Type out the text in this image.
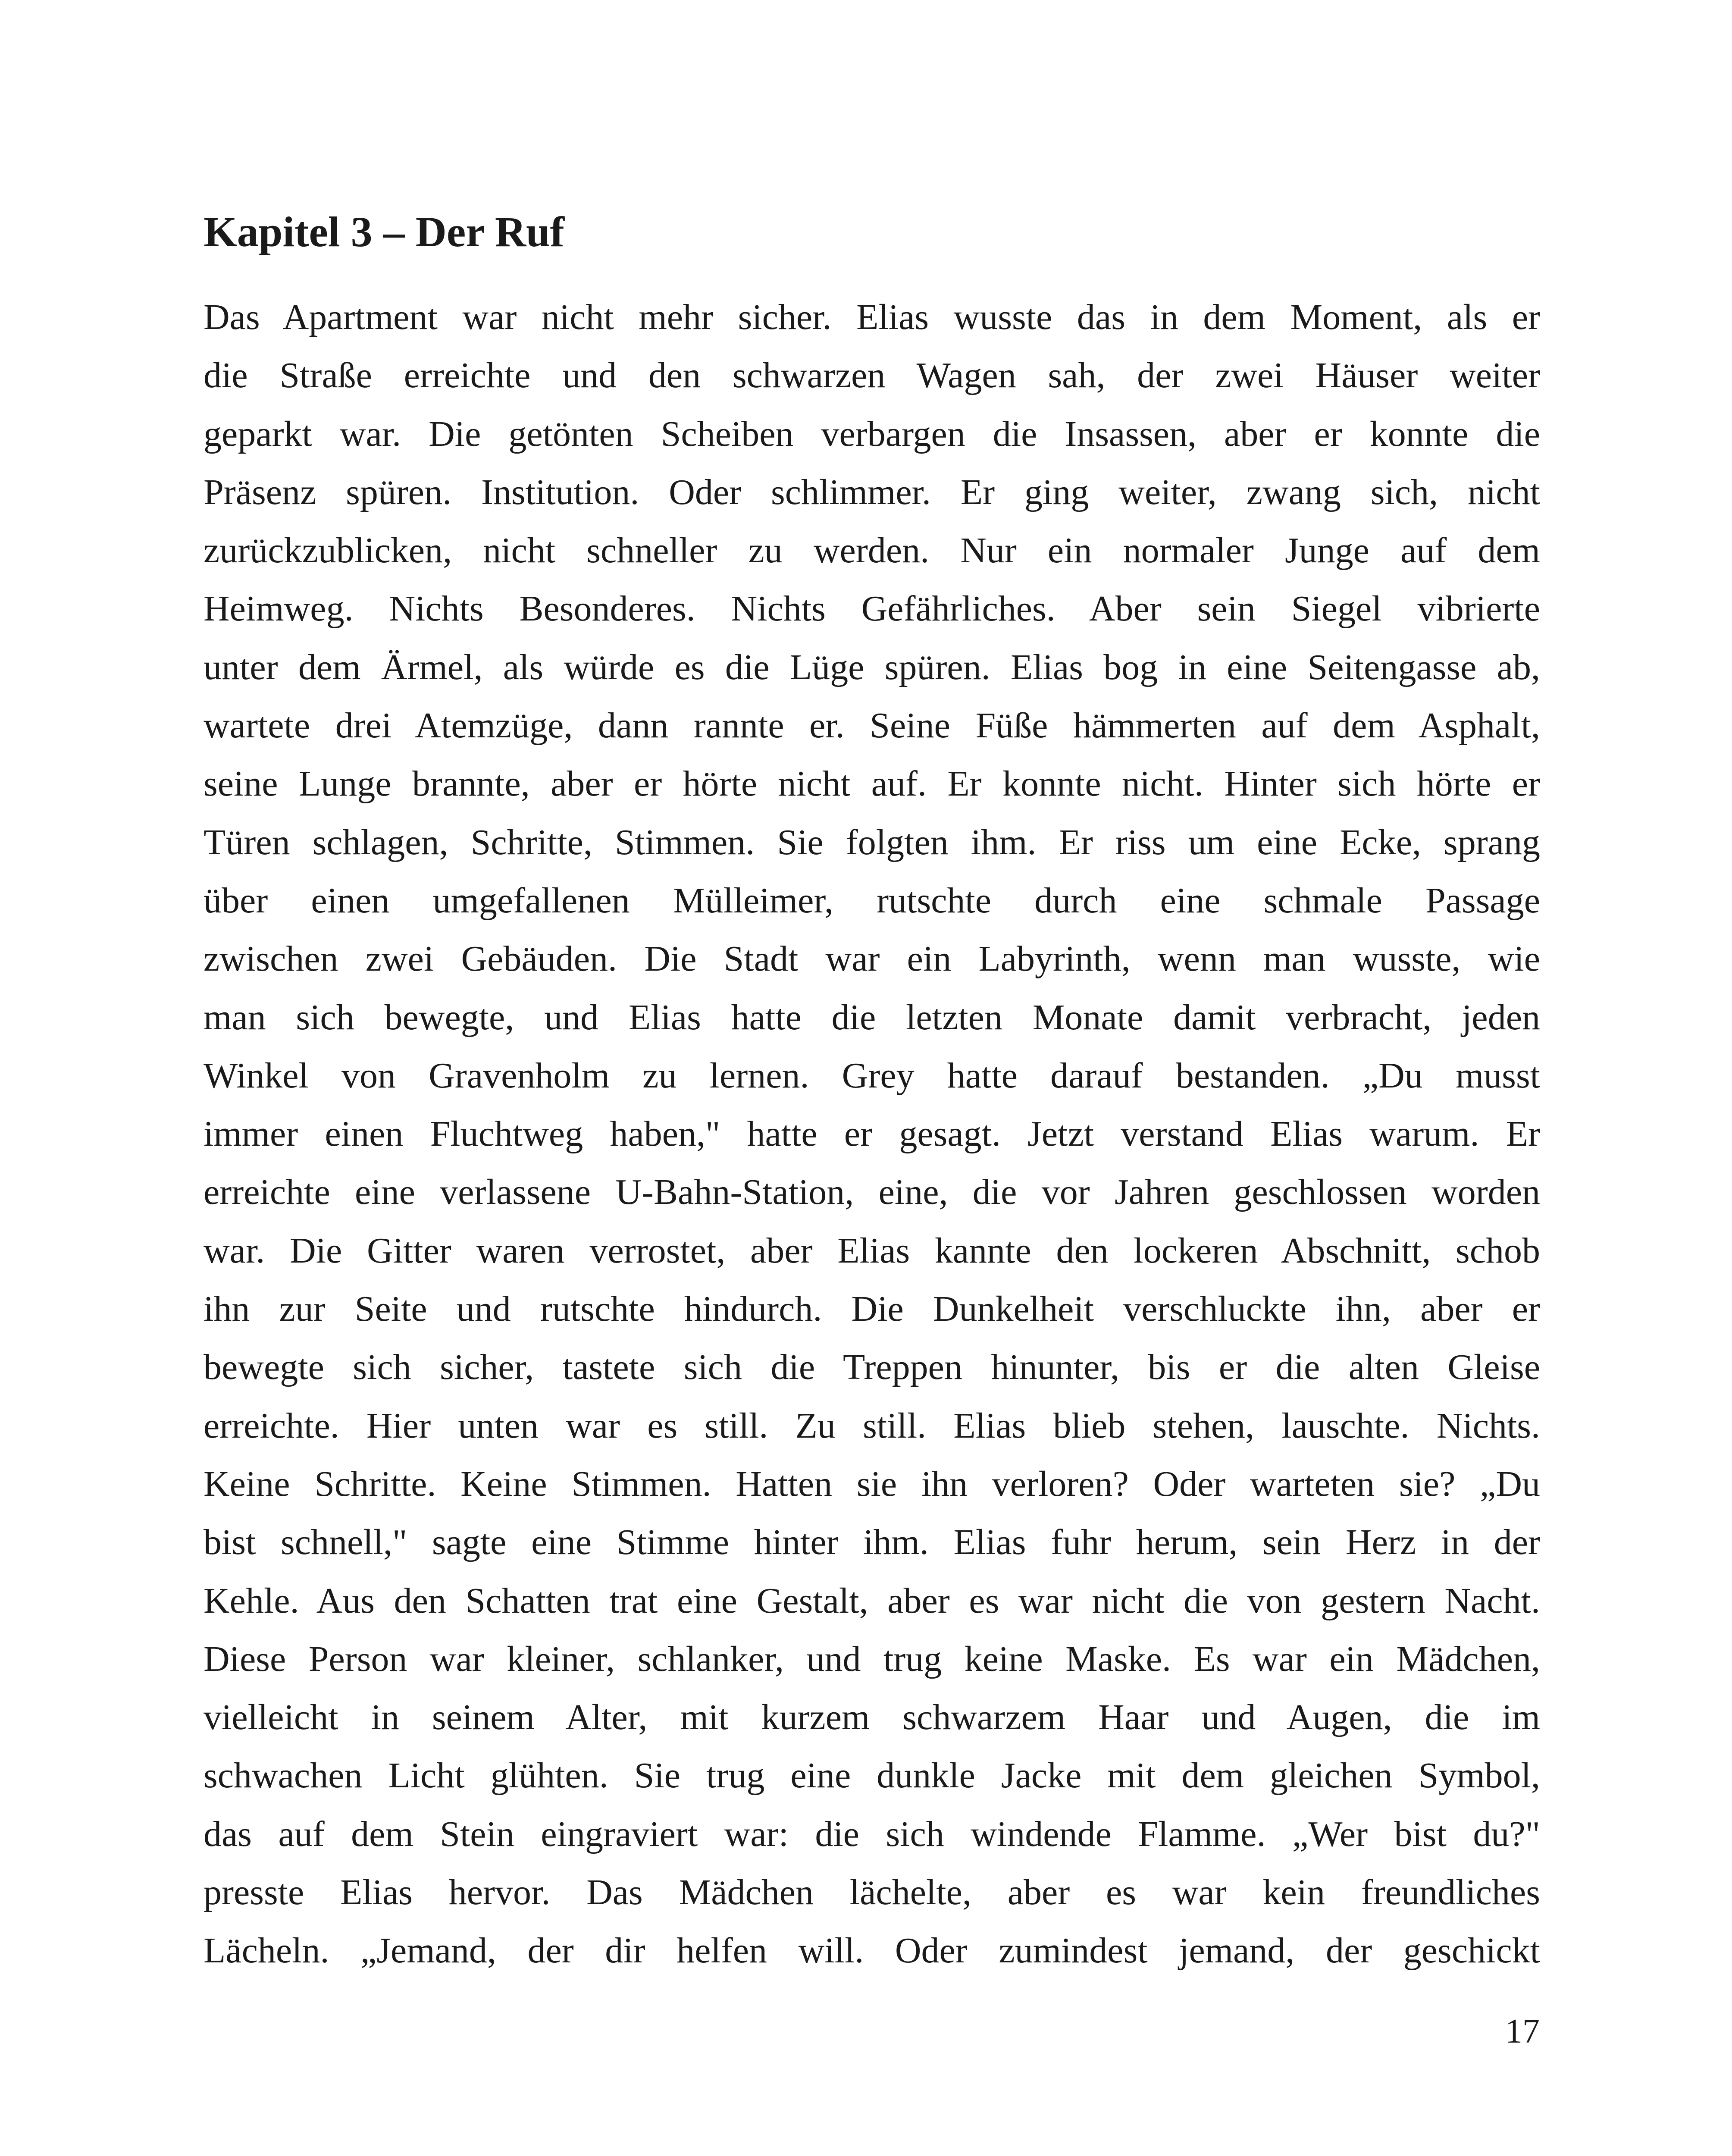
Kapitel 3 – Der Ruf
Das Apartment war nicht mehr sicher. Elias wusste das in dem Moment, als er
die Straße erreichte und den schwarzen Wagen sah, der zwei Häuser weiter
geparkt war. Die getönten Scheiben verbargen die Insassen, aber er konnte die
Präsenz spüren. Institution. Oder schlimmer. Er ging weiter, zwang sich, nicht
zurückzublicken, nicht schneller zu werden. Nur ein normaler Junge auf dem
Heimweg. Nichts Besonderes. Nichts Gefährliches. Aber sein Siegel vibrierte
unter dem Ärmel, als würde es die Lüge spüren. Elias bog in eine Seitengasse ab,
wartete drei Atemzüge, dann rannte er. Seine Füße hämmerten auf dem Asphalt,
seine Lunge brannte, aber er hörte nicht auf. Er konnte nicht. Hinter sich hörte er
Türen schlagen, Schritte, Stimmen. Sie folgten ihm. Er riss um eine Ecke, sprang
über einen umgefallenen Mülleimer, rutschte durch eine schmale Passage
zwischen zwei Gebäuden. Die Stadt war ein Labyrinth, wenn man wusste, wie
man sich bewegte, und Elias hatte die letzten Monate damit verbracht, jeden
Winkel von Gravenholm zu lernen. Grey hatte darauf bestanden. „Du musst
immer einen Fluchtweg haben," hatte er gesagt. Jetzt verstand Elias warum. Er
erreichte eine verlassene U-Bahn-Station, eine, die vor Jahren geschlossen worden
war. Die Gitter waren verrostet, aber Elias kannte den lockeren Abschnitt, schob
ihn zur Seite und rutschte hindurch. Die Dunkelheit verschluckte ihn, aber er
bewegte sich sicher, tastete sich die Treppen hinunter, bis er die alten Gleise
erreichte. Hier unten war es still. Zu still. Elias blieb stehen, lauschte. Nichts.
Keine Schritte. Keine Stimmen. Hatten sie ihn verloren? Oder warteten sie? „Du
bist schnell," sagte eine Stimme hinter ihm. Elias fuhr herum, sein Herz in der
Kehle. Aus den Schatten trat eine Gestalt, aber es war nicht die von gestern Nacht.
Diese Person war kleiner, schlanker, und trug keine Maske. Es war ein Mädchen,
vielleicht in seinem Alter, mit kurzem schwarzem Haar und Augen, die im
schwachen Licht glühten. Sie trug eine dunkle Jacke mit dem gleichen Symbol,
das auf dem Stein eingraviert war: die sich windende Flamme. „Wer bist du?"
presste Elias hervor. Das Mädchen lächelte, aber es war kein freundliches
Lächeln. „Jemand, der dir helfen will. Oder zumindest jemand, der geschickt
17
